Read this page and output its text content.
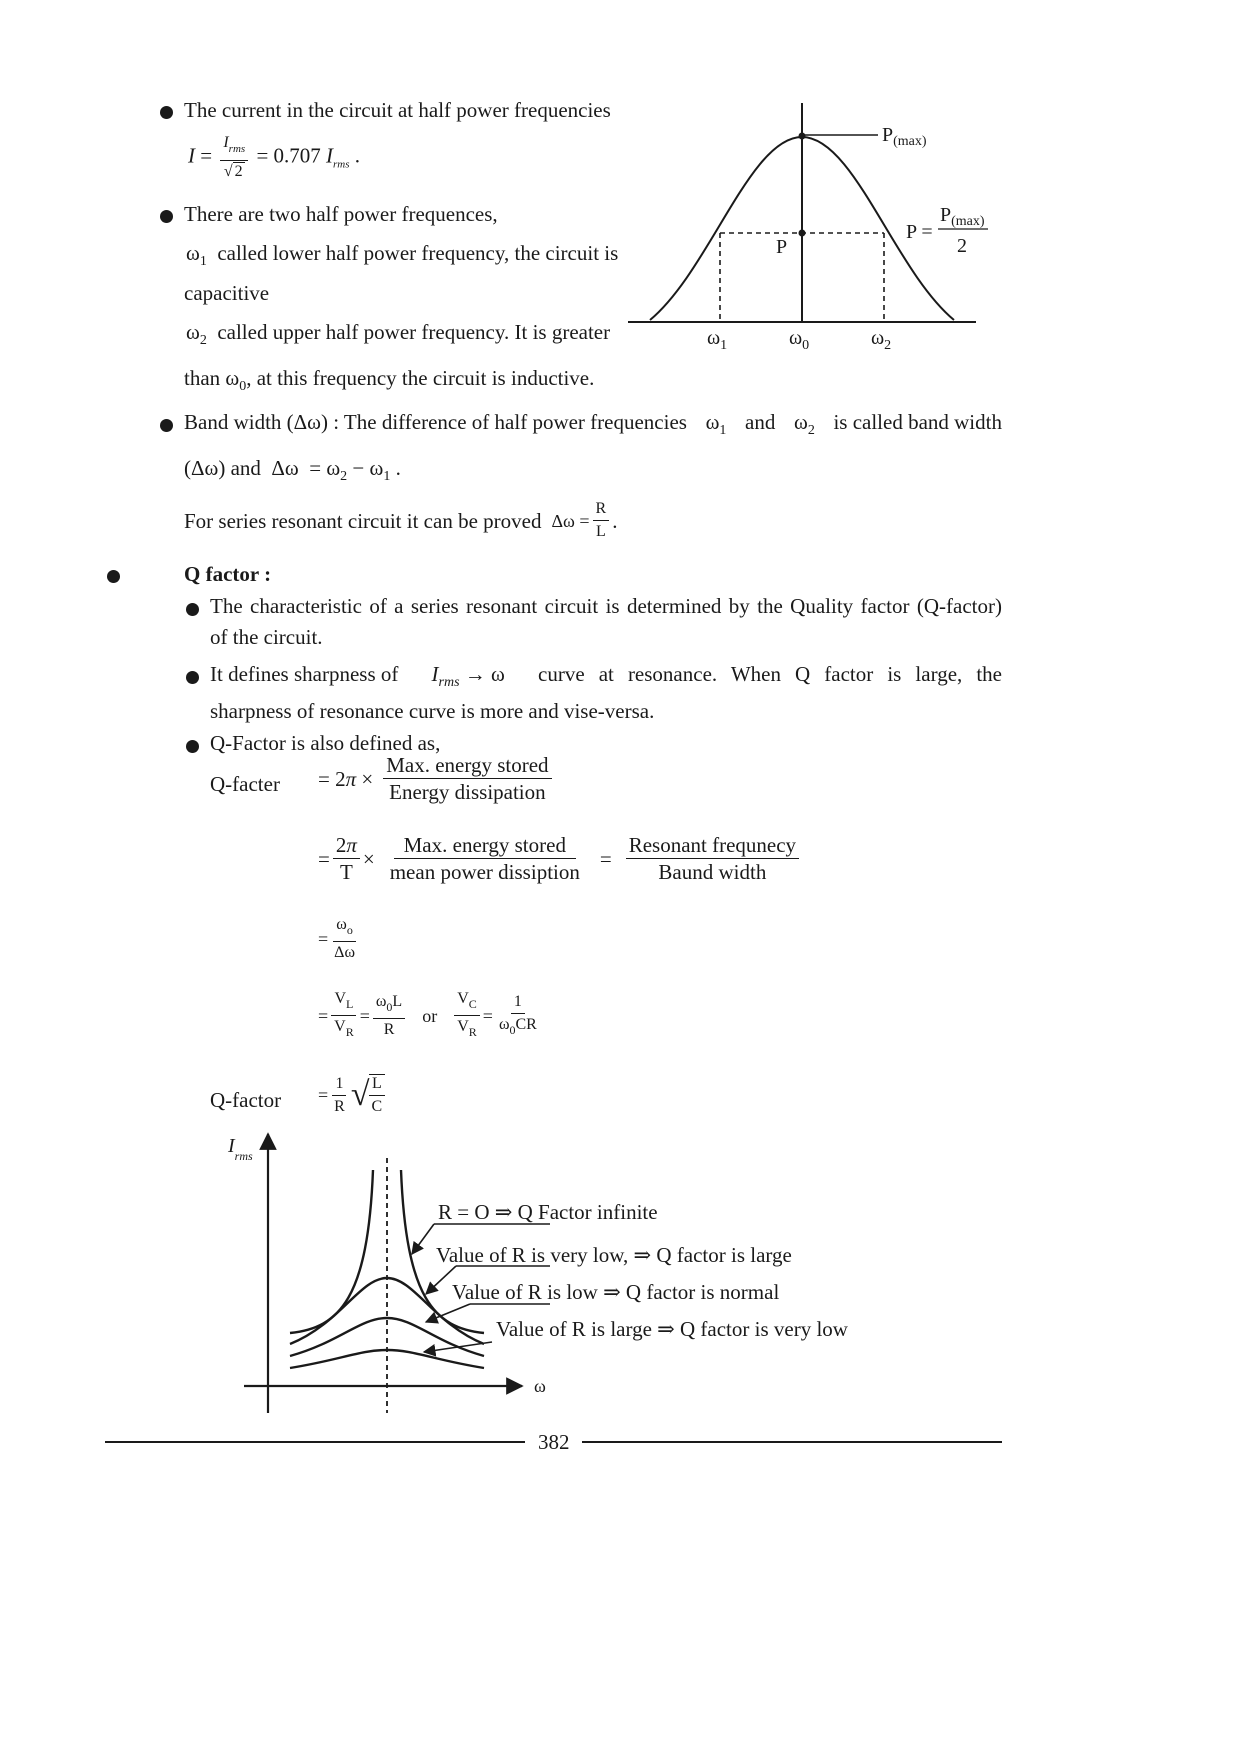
The current in the circuit at half power frequencies
$I = \frac{I_{rms}}{√ 2} = 0.707$ $I_{rms}$ .
There are two half power frequences,
$\omega_1$ called lower half power frequency, the circuit is
capacitive
$\omega_2$ called upper half power frequency. It is greater
than $\omega_0$, at this frequency the circuit is inductive.
$P_{(max)}$
P
P =
$P_{(max)}$
2
$\omega_1$	$\omega_0$	$\omega_2$
Band width (Δω) : The difference of half power frequencies $\omega_1$ and $\omega_2$ is called band width
(Δω) and  $\Delta\omega = \omega_2 - \omega_1$ .
For series resonant circuit it can be proved $\Delta\omega = \frac{R}{L}$ .
Q factor :
The characteristic of a series resonant circuit is determined by the Quality factor (Q-factor)
of the circuit.
It defines sharpness of $I_{rms} \to \omega$ curve at resonance. When Q factor is large, the
sharpness of resonance curve is more and vise-versa.
Q-Factor is also defined as,
Q-facter = $2\pi \times \frac{\text{Max. energy stored}}{\text{Energy dissipation}}$
= $\frac{2\pi}{T} \times \frac{\text{Max. energy stored}}{\text{mean power dissiption}} = \frac{\text{Resonant frequnecy}}{\text{Baund width}}$
= $\frac{\omega_o}{\Delta\omega}$
= $\frac{V_L}{V_R} = \frac{\omega_0L}{R}$ or $\frac{V_C}{V_R} = \frac{1}{\omega_0CR}$
Q-factor = $\frac{1}{R}$ √ $\frac{L}{C}$
$I_{rms}$
ω
R = O ⇒ Q Factor infinite
Value of R is very low, ⇒ Q factor is large
Value of R is low ⇒ Q factor is normal
Value of R is large ⇒ Q factor is very low
382
